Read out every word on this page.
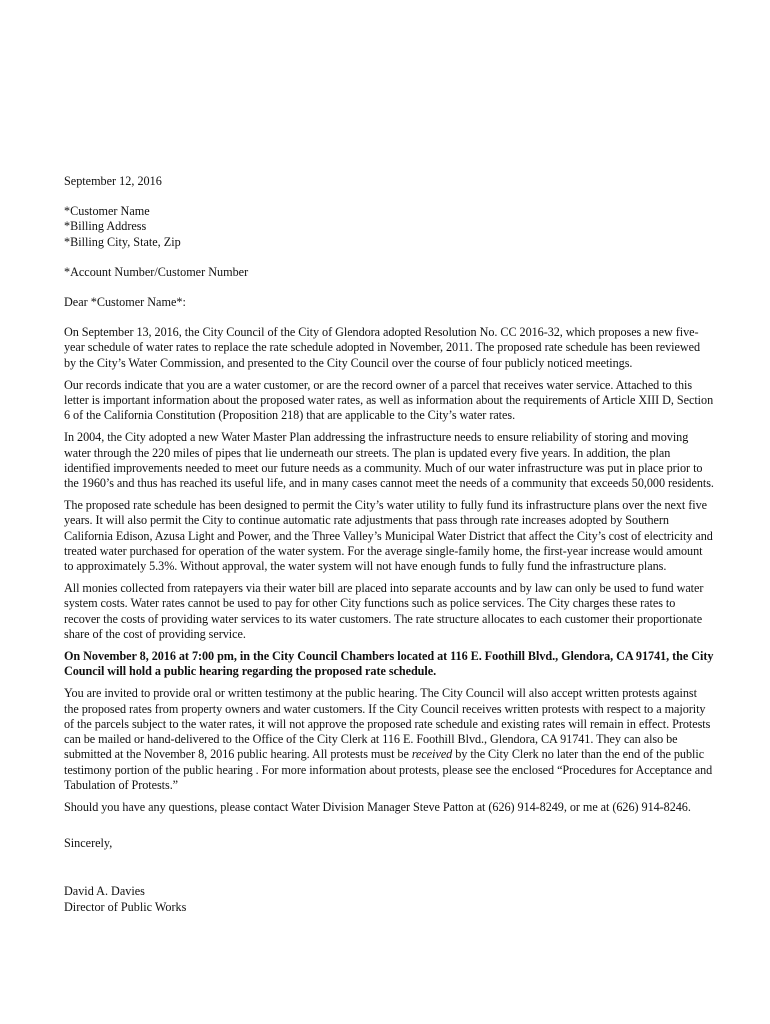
September 12, 2016

*Customer Name

*Billing Address

*Billing City, State, Zip

*Account Number/Customer Number

Dear *Customer Name*:

On September 13, 2016, the City Council of the City of Glendora adopted Resolution No. CC 2016-32, which proposes a new five-year schedule of water rates to replace the rate schedule adopted in November, 2011. The proposed rate schedule has been reviewed by the City’s Water Commission, and presented to the City Council over the course of four publicly noticed meetings.

Our records indicate that you are a water customer, or are the record owner of a parcel that receives water service. Attached to this letter is important information about the proposed water rates, as well as information about the requirements of Article XIII D, Section 6 of the California Constitution (Proposition 218) that are applicable to the City’s water rates.

In 2004, the City adopted a new Water Master Plan addressing the infrastructure needs to ensure reliability of storing and moving water through the 220 miles of pipes that lie underneath our streets. The plan is updated every five years. In addition, the plan identified improvements needed to meet our future needs as a community. Much of our water infrastructure was put in place prior to the 1960’s and thus has reached its useful life, and in many cases cannot meet the needs of a community that exceeds 50,000 residents.

The proposed rate schedule has been designed to permit the City’s water utility to fully fund its infrastructure plans over the next five years. It will also permit the City to continue automatic rate adjustments that pass through rate increases adopted by Southern California Edison, Azusa Light and Power, and the Three Valley’s Municipal Water District that affect the City’s cost of electricity and treated water purchased for operation of the water system. For the average single-family home, the first-year increase would amount to approximately 5.3%. Without approval, the water system will not have enough funds to fully fund the infrastructure plans.

All monies collected from ratepayers via their water bill are placed into separate accounts and by law can only be used to fund water system costs. Water rates cannot be used to pay for other City functions such as police services. The City charges these rates to recover the costs of providing water services to its water customers. The rate structure allocates to each customer their proportionate share of the cost of providing service.

On November 8, 2016 at 7:00 pm, in the City Council Chambers located at 116 E. Foothill Blvd., Glendora, CA 91741, the City Council will hold a public hearing regarding the proposed rate schedule.

You are invited to provide oral or written testimony at the public hearing. The City Council will also accept written protests against the proposed rates from property owners and water customers. If the City Council receives written protests with respect to a majority of the parcels subject to the water rates, it will not approve the proposed rate schedule and existing rates will remain in effect. Protests can be mailed or hand-delivered to the Office of the City Clerk at 116 E. Foothill Blvd., Glendora, CA 91741. They can also be submitted at the November 8, 2016 public hearing. All protests must be received by the City Clerk no later than the end of the public testimony portion of the public hearing . For more information about protests, please see the enclosed “Procedures for Acceptance and Tabulation of Protests.”

Should you have any questions, please contact Water Division Manager Steve Patton at (626) 914-8249, or me at (626) 914-8246.

Sincerely,

David A. Davies

Director of Public Works
